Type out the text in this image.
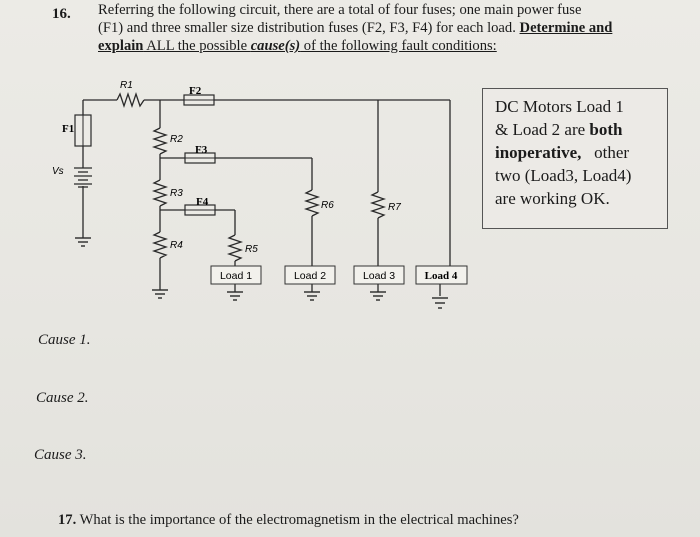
16. Referring the following circuit, there are a total of four fuses; one main power fuse
(F1) and three smaller size distribution fuses (F2, F3, F4) for each load. Determine and
explain ALL the possible cause(s) of the following fault conditions:
F1
F2
F3
F4
R1
R2
R3
R4	R5
R6	R7
Vs
Load 1	Load 2	Load 3	Load 4
DC Motors Load 1
& Load 2 are both
inoperative, other
two (Load3, Load4)
are working OK.
Cause 1.
Cause 2.
Cause 3.
17. What is the importance of the electromagnetism in the electrical machines?
